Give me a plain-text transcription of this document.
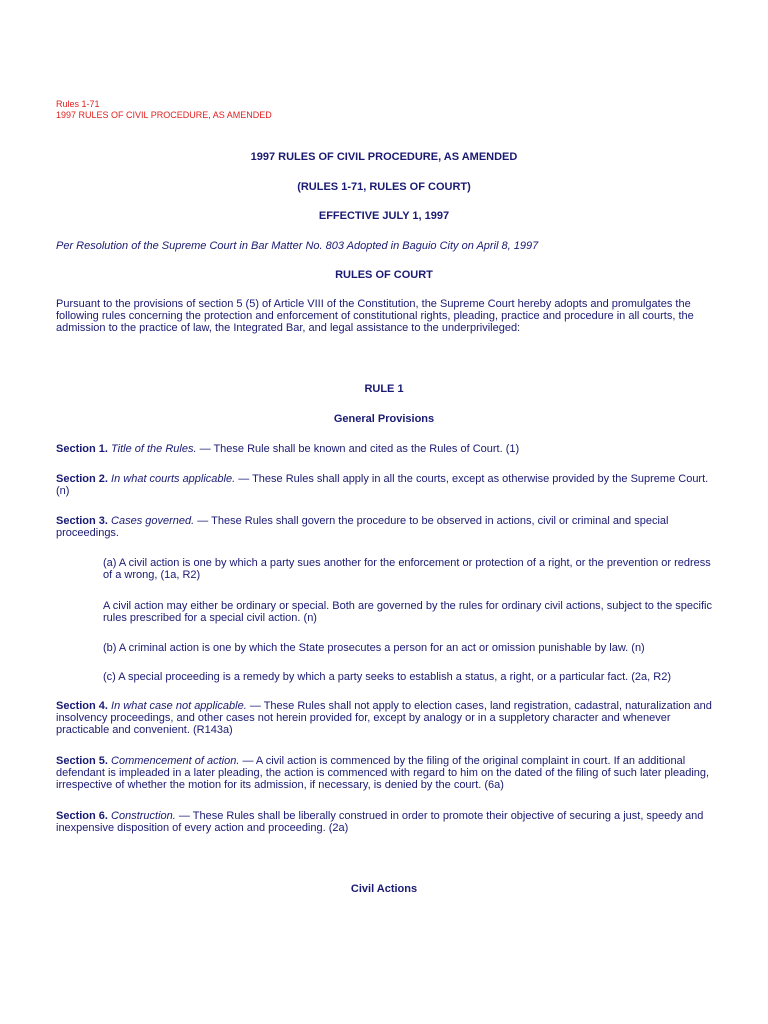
Rules 1-71
1997 RULES OF CIVIL PROCEDURE, AS AMENDED
1997 RULES OF CIVIL PROCEDURE, AS AMENDED
(RULES 1-71, RULES OF COURT)
EFFECTIVE JULY 1, 1997
Per Resolution of the Supreme Court in Bar Matter No. 803 Adopted in Baguio City on April 8, 1997
RULES OF COURT
Pursuant to the provisions of section 5 (5) of Article VIII of the Constitution, the Supreme Court hereby adopts and promulgates the following rules concerning the protection and enforcement of constitutional rights, pleading, practice and procedure in all courts, the admission to the practice of law, the Integrated Bar, and legal assistance to the underprivileged:
RULE 1
General Provisions
Section 1. Title of the Rules. — These Rule shall be known and cited as the Rules of Court. (1)
Section 2. In what courts applicable. — These Rules shall apply in all the courts, except as otherwise provided by the Supreme Court. (n)
Section 3. Cases governed. — These Rules shall govern the procedure to be observed in actions, civil or criminal and special proceedings.
(a) A civil action is one by which a party sues another for the enforcement or protection of a right, or the prevention or redress of a wrong, (1a, R2)
A civil action may either be ordinary or special. Both are governed by the rules for ordinary civil actions, subject to the specific rules prescribed for a special civil action. (n)
(b) A criminal action is one by which the State prosecutes a person for an act or omission punishable by law. (n)
(c) A special proceeding is a remedy by which a party seeks to establish a status, a right, or a particular fact. (2a, R2)
Section 4. In what case not applicable. — These Rules shall not apply to election cases, land registration, cadastral, naturalization and insolvency proceedings, and other cases not herein provided for, except by analogy or in a suppletory character and whenever practicable and convenient. (R143a)
Section 5. Commencement of action. — A civil action is commenced by the filing of the original complaint in court. If an additional defendant is impleaded in a later pleading, the action is commenced with regard to him on the dated of the filing of such later pleading, irrespective of whether the motion for its admission, if necessary, is denied by the court. (6a)
Section 6. Construction. — These Rules shall be liberally construed in order to promote their objective of securing a just, speedy and inexpensive disposition of every action and proceeding. (2a)
Civil Actions
